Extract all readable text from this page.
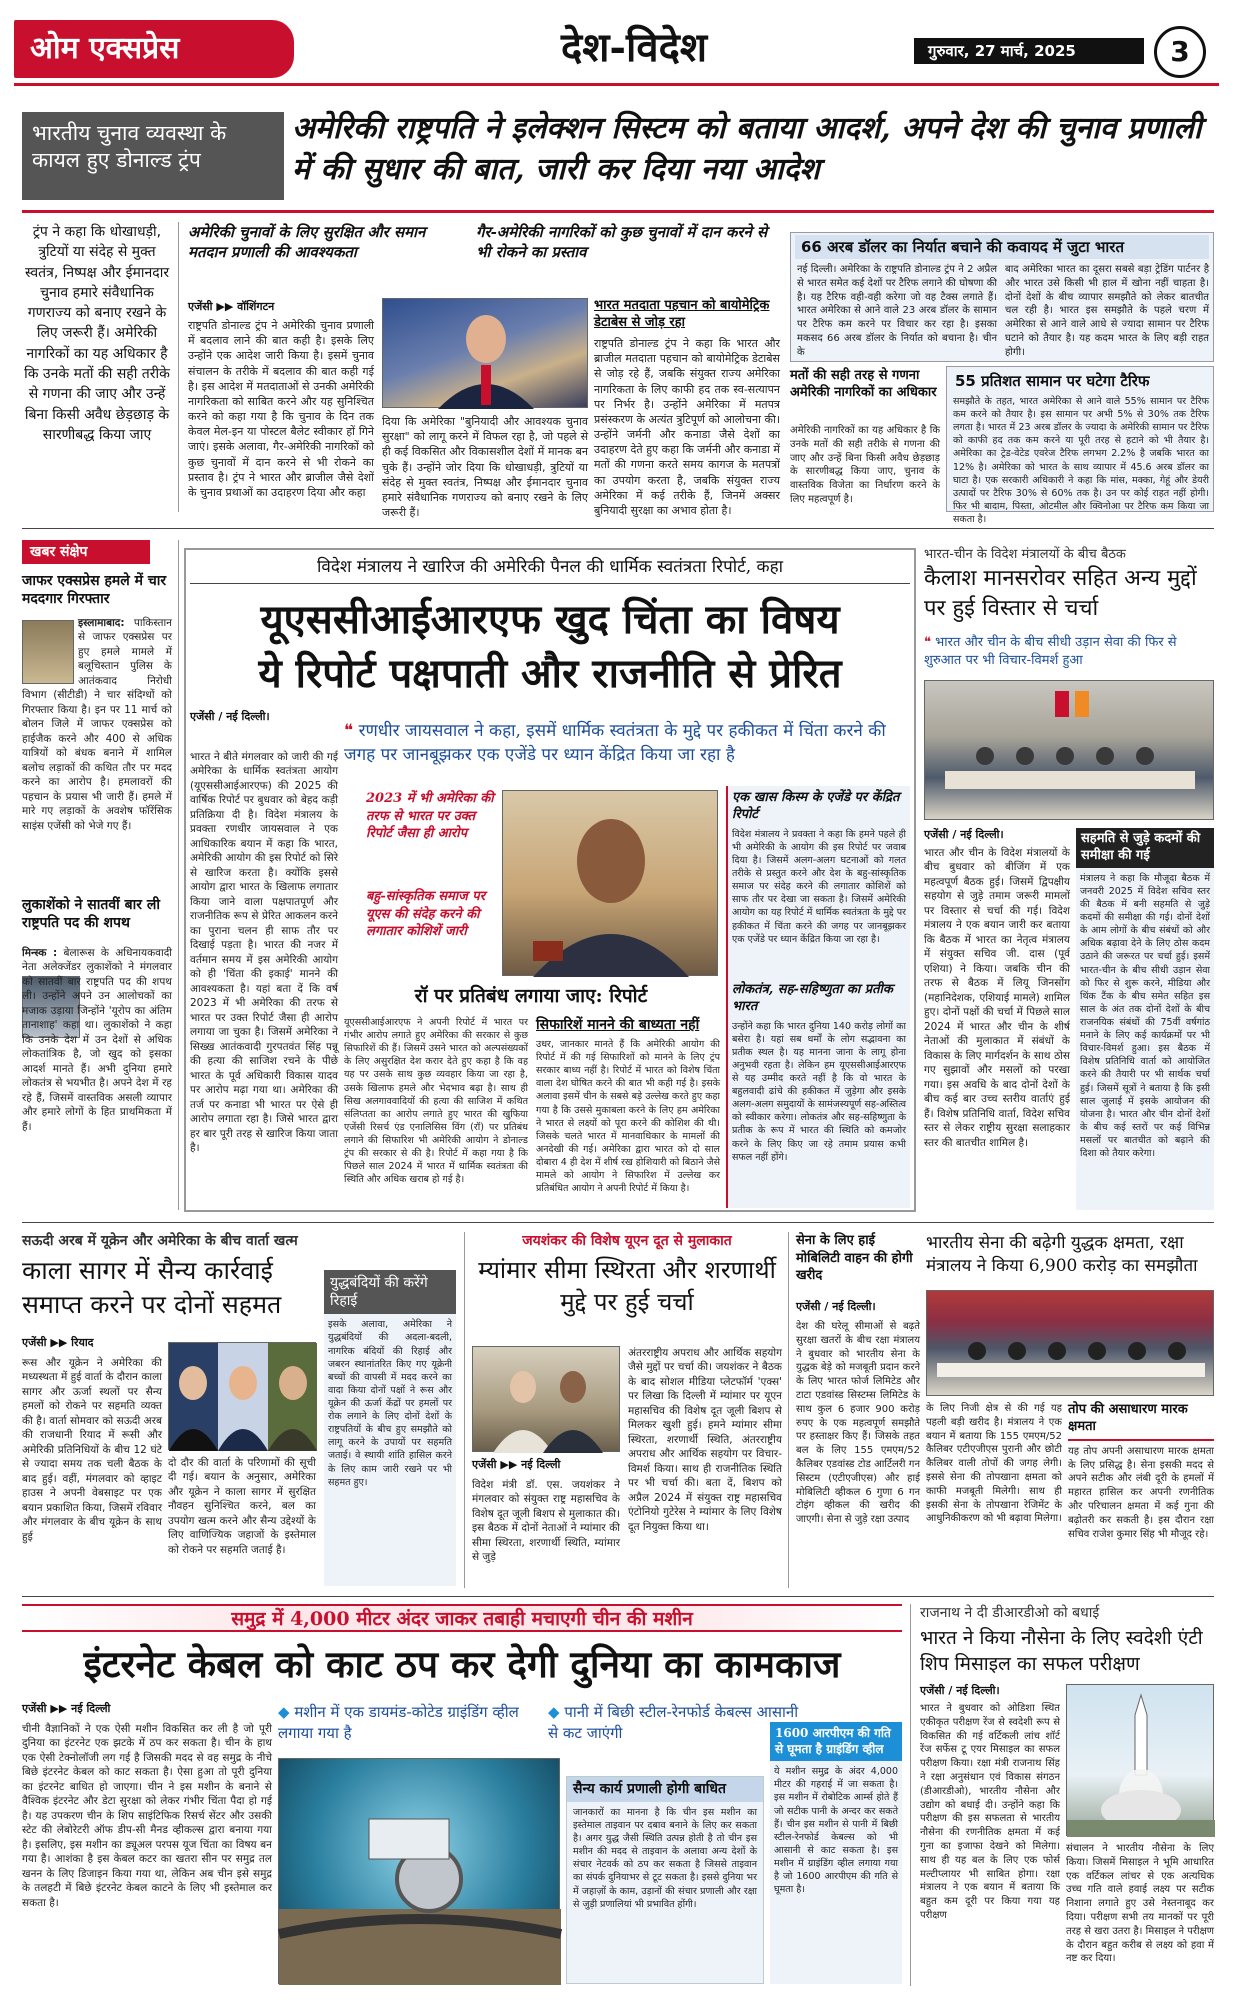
ओम एक्सप्रेस	देश-विदेश	गुरुवार, 27 मार्च, 2025	3
भारतीय चुनाव व्यवस्था के कायल हुए डोनाल्ड ट्रंप
अमेरिकी राष्ट्रपति ने इलेक्शन सिस्टम को बताया आदर्श, अपने देश की चुनाव प्रणाली में की सुधार की बात, जारी कर दिया नया आदेश
ट्रंप ने कहा कि धोखाधड़ी, त्रुटियों या संदेह से मुक्त स्वतंत्र, निष्पक्ष और ईमानदार चुनाव हमारे संवैधानिक गणराज्य को बनाए रखने के लिए जरूरी हैं। अमेरिकी नागरिकों का यह अधिकार है कि उनके मतों की सही तरीके से गणना की जाए और उन्हें बिना किसी अवैध छेड़छाड़ के सारणीबद्ध किया जाए
अमेरिकी चुनावों के लिए सुरक्षित और समान मतदान प्रणाली की आवश्यकता
गैर-अमेरिकी नागरिकों को कुछ चुनावों में दान करने से भी रोकने का प्रस्ताव
एजेंसी ▶▶ वॉशिंगटन
राष्ट्रपति डोनाल्ड ट्रंप ने अमेरिकी चुनाव प्रणाली में बदलाव लाने की बात कही है। इसके लिए उन्होंने एक आदेश जारी किया है। इसमें चुनाव संचालन के तरीके में बदलाव की बात कही गई है। इस आदेश में मतदाताओं से उनकी अमेरिकी नागरिकता को साबित करने और यह सुनिश्चित करने को कहा गया है कि चुनाव के दिन तक केवल मेल-इन या पोस्टल बैलेट स्वीकार हों गिने जाएं। इसके अलावा, गैर-अमेरिकी नागरिकों को कुछ चुनावों में दान करने से भी रोकने का प्रस्ताव है। ट्रंप ने भारत और ब्राजील जैसे देशों के चुनाव प्रथाओं का उदाहरण दिया और कहा
दिया कि अमेरिका "बुनियादी और आवश्यक चुनाव सुरक्षा" को लागू करने में विफल रहा है, जो पहले से ही कई विकसित और विकासशील देशों में मानक बन चुके हैं। उन्होंने जोर दिया कि धोखाधड़ी, त्रुटियों या संदेह से मुक्त स्वतंत्र, निष्पक्ष और ईमानदार चुनाव हमारे संवैधानिक गणराज्य को बनाए रखने के लिए जरूरी हैं।
भारत मतदाता पहचान को बायोमेट्रिक डेटाबेस से जोड़ रहा
राष्ट्रपति डोनाल्ड ट्रंप ने कहा कि भारत और ब्राजील मतदाता पहचान को बायोमेट्रिक डेटाबेस से जोड़ रहे हैं, जबकि संयुक्त राज्य अमेरिका नागरिकता के लिए काफी हद तक स्व-सत्यापन पर निर्भर है। उन्होंने अमेरिका में मतपत्र प्रसंस्करण के अत्यंत त्रुटिपूर्ण को आलोचना की। उन्होंने जर्मनी और कनाडा जैसे देशों का उदाहरण देते हुए कहा कि जर्मनी और कनाडा में मतों की गणना करते समय कागज के मतपत्रों का उपयोग करता है, जबकि संयुक्त राज्य अमेरिका में कई तरीके हैं, जिनमें अक्सर बुनियादी सुरक्षा का अभाव होता है।
66 अरब डॉलर का निर्यात बचाने की कवायद में जुटा भारत
नई दिल्ली। अमेरिका के राष्ट्रपति डोनाल्ड ट्रंप ने 2 अप्रैल से भारत समेत कई देशों पर टैरिफ लगाने की घोषणा की है। यह टैरिफ वही-वही करेगा जो वह टैक्स लगाते हैं। भारत अमेरिका से आने वाले 23 अरब डॉलर के सामान पर टैरिफ कम करने पर विचार कर रहा है। इसका मकसद 66 अरब डॉलर के निर्यात को बचाना है। चीन के
बाद अमेरिका भारत का दूसरा सबसे बड़ा ट्रेडिंग पार्टनर है और भारत उसे किसी भी हाल में खोना नहीं चाहता है। दोनों देशों के बीच व्यापार समझौते को लेकर बातचीत चल रही है। भारत इस समझौते के पहले चरण में अमेरिका से आने वाले आधे से ज्यादा सामान पर टैरिफ घटाने को तैयार है। यह कदम भारत के लिए बड़ी राहत होगी।
मतों की सही तरह से गणना अमेरिकी नागरिकों का अधिकार
अमेरिकी नागरिकों का यह अधिकार है कि उनके मतों की सही तरीके से गणना की जाए और उन्हें बिना किसी अवैध छेड़छाड़ के सारणीबद्ध किया जाए, चुनाव के वास्तविक विजेता का निर्धारण करने के लिए महत्वपूर्ण है।
55 प्रतिशत सामान पर घटेगा टैरिफ
समझौते के तहत, भारत अमेरिका से आने वाले 55% सामान पर टैरिफ कम करने को तैयार है। इस सामान पर अभी 5% से 30% तक टैरिफ लगता है। भारत में 23 अरब डॉलर के ज्यादा के अमेरिकी सामान पर टैरिफ को काफी हद तक कम करने या पूरी तरह से हटाने को भी तैयार है। अमेरिका का ट्रेड-वेटेड एवरेज टैरिफ लगभग 2.2% है जबकि भारत का 12% है। अमेरिका को भारत के साथ व्यापार में 45.6 अरब डॉलर का घाटा है। एक सरकारी अधिकारी ने कहा कि मांस, मक्का, गेहूं और डेयरी उत्पादों पर टैरिफ 30% से 60% तक है। उन पर कोई राहत नहीं होगी। फिर भी बादाम, पिस्ता, ओटमील और क्विनोआ पर टैरिफ कम किया जा सकता है।
खबर संक्षेप
जाफर एक्सप्रेस हमले में चार मददगार गिरफ्तार
इस्लामाबाद: पाकिस्तान से जाफर एक्सप्रेस पर हुए हमले मामले में बलूचिस्तान पुलिस के आतंकवाद निरोधी विभाग (सीटीडी) ने चार संदिग्धों को गिरफ्तार किया है। इन पर 11 मार्च को बोलन जिले में जाफर एक्सप्रेस को हाईजैक करने और 400 से अधिक यात्रियों को बंधक बनाने में शामिल बलोच लड़ाकों की कथित तौर पर मदद करने का आरोप है। हमलावरों की पहचान के प्रयास भी जारी हैं। हमले में मारे गए लड़ाकों के अवशेष फॉरेंसिक साइंस एजेंसी को भेजे गए हैं।
लुकाशेंको ने सातवीं बार ली राष्ट्रपति पद की शपथ
मिन्स्क : बेलारूस के अधिनायकवादी नेता अलेक्जेंडर लुकाशेंको ने मंगलवार को सातवीं बार राष्ट्रपति पद की शपथ ली। उन्होंने अपने उन आलोचकों का मजाक उड़ाया जिन्होंने 'यूरोप का अंतिम तानाशाह' कहा था। लुकाशेंको ने कहा कि उनके देश में उन देशों से अधिक लोकतांत्रिक है, जो खुद को इसका आदर्श मानते हैं। अभी दुनिया हमारे लोकतंत्र से भयभीत है। अपने देश में रह रहे हैं, जिसमें वास्तविक असली व्यापार और हमारे लोगों के हित प्राथमिकता में हैं।
विदेश मंत्रालय ने खारिज की अमेरिकी पैनल की धार्मिक स्वतंत्रता रिपोर्ट, कहा
यूएससीआईआरएफ खुद चिंता का विषय
ये रिपोर्ट पक्षपाती और राजनीति से प्रेरित
एजेंसी / नई दिल्ली।
भारत ने बीते मंगलवार को जारी की गई अमेरिका के धार्मिक स्वतंत्रता आयोग (यूएससीआईआरएफ) की 2025 की वार्षिक रिपोर्ट पर बुधवार को बेहद कड़ी प्रतिक्रिया दी है। विदेश मंत्रालय के प्रवक्ता रणधीर जायसवाल ने एक आधिकारिक बयान में कहा कि भारत, अमेरिकी आयोग की इस रिपोर्ट को सिरे से खारिज करता है। क्योंकि इससे आयोग द्वारा भारत के खिलाफ लगातार किया जाने वाला पक्षपातपूर्ण और राजनीतिक रूप से प्रेरित आकलन करने का पुराना चलन ही साफ तौर पर दिखाई पड़ता है। भारत की नजर में वर्तमान समय में इस अमेरिकी आयोग को ही 'चिंता की इकाई' मानने की आवश्यकता है। यहां बता दें कि वर्ष 2023 में भी अमेरिका की तरफ से भारत पर उक्त रिपोर्ट जैसा ही आरोप लगाया जा चुका है। जिसमें अमेरिका ने सिख्ख आतंकवादी गुरपतवंत सिंह पन्नू की हत्या की साजिश रचने के पीछे भारत के पूर्व अधिकारी विकास यादव पर आरोप मढ़ा गया था। अमेरिका की तर्ज पर कनाडा भी भारत पर ऐसे ही आरोप लगाता रहा है। जिसे भारत द्वारा हर बार पूरी तरह से खारिज किया जाता है।
❝ रणधीर जायसवाल ने कहा, इसमें धार्मिक स्वतंत्रता के मुद्दे पर हकीकत में चिंता करने की जगह पर जानबूझकर एक एजेंडे पर ध्यान केंद्रित किया जा रहा है
2023 में भी अमेरिका की तरफ से भारत पर उक्त रिपोर्ट जैसा ही आरोप
बहु-सांस्कृतिक समाज पर यूएस की संदेह करने की लगातार कोशिशें जारी
रॉ पर प्रतिबंध लगाया जाए: रिपोर्ट
यूएससीआईआरएफ ने अपनी रिपोर्ट में भारत पर गंभीर आरोप लगाते हुए अमेरिका की सरकार से कुछ सिफारिशें की हैं। जिसमें उसने भारत को अल्पसंख्यकों के लिए असुरक्षित देश करार देते हुए कहा है कि वह यह पर उसके साथ कुछ व्यवहार किया जा रहा है, उसके खिलाफ हमले और भेदभाव बढ़ा है। साथ ही सिख अलगाववादियों की हत्या की साजिश में कथित संलिप्तता का आरोप लगाते हुए भारत की खुफिया एजेंसी रिसर्च एंड एनालिसिस विंग (रॉ) पर प्रतिबंध लगाने की सिफारिश भी अमेरिकी आयोग ने डोनाल्ड ट्रंप की सरकार से की है। रिपोर्ट में कहा गया है कि पिछले साल 2024 में भारत में धार्मिक स्वतंत्रता की स्थिति और अधिक खराब हो गई है।
सिफारिशें मानने की बाध्यता नहीं
उधर, जानकार मानते हैं कि अमेरिकी आयोग की रिपोर्ट में की गई सिफारिशों को मानने के लिए ट्रंप सरकार बाध्य नहीं है। रिपोर्ट में भारत को विशेष चिंता वाला देश घोषित करने की बात भी कही गई है। इसके अलावा इसमें चीन के सबसे बड़े उल्लेख करते हुए कहा गया है कि उससे मुकाबला करने के लिए हम अमेरिका ने भारत से लक्ष्यों को पूरा करने की कोशिश की थी। जिसके चलते भारत में मानवाधिकार के मामलों की अनदेखी की गई। अमेरिका द्वारा भारत को दो साल दोबारा 4 ही देश में शीर्ष रख होशियारी को बिठाने जैसे मामले को आयोग ने सिफारिश में उल्लेख कर प्रतिबंधित आयोग ने अपनी रिपोर्ट में किया है।
एक खास किस्म के एजेंडे पर केंद्रित रिपोर्ट
विदेश मंत्रालय ने प्रवक्ता ने कहा कि हमने पहले ही भी अमेरिकी के आयोग की इस रिपोर्ट पर जवाब दिया है। जिसमें अलग-अलग घटनाओं को गलत तरीके से प्रस्तुत करने और देश के बहु-सांस्कृतिक समाज पर संदेह करने की लगातार कोशिशें को साफ तौर पर देखा जा सकता है। जिसमें अमेरिकी आयोग का यह रिपोर्ट में धार्मिक स्वतंत्रता के मुद्दे पर हकीकत में चिंता करने की जगह पर जानबूझकर एक एजेंडे पर ध्यान केंद्रित किया जा रहा है।
लोकतंत्र, सह-सहिष्णुता का प्रतीक भारत
उन्होंने कहा कि भारत दुनिया 140 करोड़ लोगों का बसेरा है। यहां सब धर्मों के लोग सद्भावना का प्रतीक स्थल है। यह मानना जाना के लागू होना अनुभवी रहता है। लेकिन हम यूएससीआईआरएफ से यह उम्मीद करते नहीं है कि वो भारत के बहुलवादी ढांचे की हकीकत में जुड़ेगा और इसके अलग-अलग समुदायों के सामंजस्यपूर्ण सह-अस्तित्व को स्वीकार करेगा। लोकतंत्र और सह-सहिष्णुता के प्रतीक के रूप में भारत की स्थिति को कमजोर करने के लिए किए जा रहे तमाम प्रयास कभी सफल नहीं होंगे।
भारत-चीन के विदेश मंत्रालयों के बीच बैठक
कैलाश मानसरोवर सहित अन्य मुद्दों पर हुई विस्तार से चर्चा
❝ भारत और चीन के बीच सीधी उड़ान सेवा की फिर से शुरुआत पर भी विचार-विमर्श हुआ
एजेंसी / नई दिल्ली।
भारत और चीन के विदेश मंत्रालयों के बीच बुधवार को बीजिंग में एक महत्वपूर्ण बैठक हुई। जिसमें द्विपक्षीय सहयोग से जुड़े तमाम जरूरी मामलों पर विस्तार से चर्चा की गई। विदेश मंत्रालय ने एक बयान जारी कर बताया कि बैठक में भारत का नेतृत्व मंत्रालय में संयुक्त सचिव जी. दास (पूर्व एशिया) ने किया। जबकि चीन की तरफ से बैठक में लियू जिनसोंग (महानिदेशक, एशियाई मामले) शामिल हुए। दोनों पक्षों की चर्चा में पिछले साल 2024 में भारत और चीन के शीर्ष नेताओं की मुलाकात में संबंधों के विकास के लिए मार्गदर्शन के साथ ठोस गए सुझावों और मसलों को परखा गया। इस अवधि के बाद दोनों देशों के बीच कई बार उच्च स्तरीय वार्ताएं हुई हैं। विशेष प्रतिनिधि वार्ता, विदेश सचिव स्तर से लेकर राष्ट्रीय सुरक्षा सलाहकार स्तर की बातचीत शामिल है।
सहमति से जुड़े कदमों की समीक्षा की गई
मंत्रालय ने कहा कि मौजूदा बैठक में जनवरी 2025 में विदेश सचिव स्तर की बैठक में बनी सहमति से जुड़े कदमों की समीक्षा की गई। दोनों देशों के आम लोगों के बीच संबंधों को और अधिक बढ़ावा देने के लिए ठोस कदम उठाने की जरूरत पर चर्चा हुई। इसमें भारत-चीन के बीच सीधी उड़ान सेवा को फिर से शुरू करने, मीडिया और थिंक टैंक के बीच समेत सहित इस साल के अंत तक दोनों देशों के बीच राजनयिक संबंधों की 75वीं वर्षगांठ मनाने के लिए कई कार्यक्रमों पर भी विचार-विमर्श हुआ। इस बैठक में विशेष प्रतिनिधि वार्ता को आयोजित करने की तैयारी पर भी सार्थक चर्चा हुई। जिसमें सूत्रों ने बताया है कि इसी साल जुलाई में इसके आयोजन की योजना है। भारत और चीन दोनों देशों के बीच कई स्तरों पर कई विभिन्न मसलों पर बातचीत को बढ़ाने की दिशा को तैयार करेगा।
सऊदी अरब में यूक्रेन और अमेरिका के बीच वार्ता खत्म
काला सागर में सैन्य कार्रवाई समाप्त करने पर दोनों सहमत
एजेंसी ▶▶ रियाद
रूस और यूक्रेन ने अमेरिका की मध्यस्थता में हुई वार्ता के दौरान काला सागर और ऊर्जा स्थलों पर सैन्य हमलों को रोकने पर सहमति व्यक्त की है। वार्ता सोमवार को सऊदी अरब की राजधानी रियाद में रूसी और अमेरिकी प्रतिनिधियों के बीच 12 घंटे से ज्यादा समय तक चली बैठक के बाद हुई। वहीं, मंगलवार को व्हाइट हाउस ने अपनी वेबसाइट पर एक बयान प्रकाशित किया, जिसमें रविवार और मंगलवार के बीच यूक्रेन के साथ हुई
दो दौर की वार्ता के परिणामों की सूची दी गई। बयान के अनुसार, अमेरिका और यूक्रेन ने काला सागर में सुरक्षित नौवहन सुनिश्चित करने, बल का उपयोग खत्म करने और सैन्य उद्देश्यों के लिए वाणिज्यिक जहाजों के इस्तेमाल को रोकने पर सहमति जताई है।
युद्धबंदियों की करेंगे रिहाई
इसके अलावा, अमेरिका ने युद्धबंदियों की अदला-बदली, नागरिक बंदियों की रिहाई और जबरन स्थानांतरित किए गए यूक्रेनी बच्चों की वापसी में मदद करने का वादा किया दोनों पक्षों ने रूस और यूक्रेन की ऊर्जा केंद्रों पर हमलों पर रोक लगाने के लिए दोनों देशों के राष्ट्रपतियों के बीच हुए समझौते को लागू करने के उपायों पर सहमति जताई। वे स्थायी शांति हासिल करने के लिए काम जारी रखने पर भी सहमत हुए।
जयशंकर की विशेष यूएन दूत से मुलाकात
म्यांमार सीमा स्थिरता और शरणार्थी मुद्दे पर हुई चर्चा
एजेंसी ▶▶ नई दिल्ली
विदेश मंत्री डॉ. एस. जयशंकर ने मंगलवार को संयुक्त राष्ट्र महासचिव के विशेष दूत जूली बिशप से मुलाकात की। इस बैठक में दोनों नेताओं ने म्यांमार की सीमा स्थिरता, शरणार्थी स्थिति, म्यांमार से जुड़े
अंतरराष्ट्रीय अपराध और आर्थिक सहयोग जैसे मुद्दों पर चर्चा की। जयशंकर ने बैठक के बाद सोशल मीडिया प्लेटफॉर्म 'एक्स' पर लिखा कि दिल्ली में म्यांमार पर यूएन महासचिव की विशेष दूत जूली बिशप से मिलकर खुशी हुई। हमने म्यांमार सीमा स्थिरता, शरणार्थी स्थिति, अंतरराष्ट्रीय अपराध और आर्थिक सहयोग पर विचार-विमर्श किया। साथ ही राजनीतिक स्थिति पर भी चर्चा की। बता दें, बिशप को अप्रैल 2024 में संयुक्त राष्ट्र महासचिव एंटोनियो गुटेरेस ने म्यांमार के लिए विशेष दूत नियुक्त किया था।
सेना के लिए हाई मोबिलिटी वाहन की होगी खरीद
एजेंसी / नई दिल्ली।
देश की घरेलू सीमाओं से बढ़ते सुरक्षा खतरों के बीच रक्षा मंत्रालय ने बुधवार को भारतीय सेना के युद्धक बेड़े को मजबूती प्रदान करने के लिए भारत फोर्ज लिमिटेड और टाटा एडवांस्ड सिस्टम्स लिमिटेड के साथ कुल 6 हजार 900 करोड़ रुपए के एक महत्वपूर्ण समझौते पर हस्ताक्षर किए हैं। जिसके तहत बल के लिए 155 एमएम/52 कैलिबर एडवांस्ड टोड आर्टिलरी गन सिस्टम (एटीएजीएस) और हाई मोबिलिटी व्हीकल 6 गुणा 6 गन टोइंग व्हीकल की खरीद की जाएगी। सेना से जुड़े रक्षा उत्पाद
भारतीय सेना की बढ़ेगी युद्धक क्षमता, रक्षा मंत्रालय ने किया 6,900 करोड़ का समझौता
के लिए निजी क्षेत्र से की गई यह पहली बड़ी खरीद है। मंत्रालय ने एक बयान में बताया कि 155 एमएम/52 कैलिबर एटीएजीएस पुरानी और छोटी कैलिबर वाली तोपों की जगह लेगी। इससे सेना की तोपखाना क्षमता को काफी मजबूती मिलेगी। साथ ही इसकी सेना के तोपखाना रेजिमेंट के आधुनिकीकरण को भी बढ़ावा मिलेगा।
तोप की असाधारण मारक क्षमता
यह तोप अपनी असाधारण मारक क्षमता के लिए प्रसिद्ध है। सेना इसकी मदद से अपने सटीक और लंबी दूरी के हमलों में महारत हासिल कर अपनी रणनीतिक और परिचालन क्षमता में कई गुना की बढ़ोतरी कर सकती है। इस दौरान रक्षा सचिव राजेश कुमार सिंह भी मौजूद रहे।
समुद्र में 4,000 मीटर अंदर जाकर तबाही मचाएगी चीन की मशीन
इंटरनेट केबल को काट ठप कर देगी दुनिया का कामकाज
एजेंसी ▶▶ नई दिल्ली	◆ मशीन में एक डायमंड-कोटेड ग्राइंडिंग व्हील लगाया गया है
◆ पानी में बिछी स्टील-रेनफोर्ड केबल्स आसानी से कट जाएंगी
चीनी वैज्ञानिकों ने एक ऐसी मशीन विकसित कर ली है जो पूरी दुनिया का इंटरनेट एक झटके में ठप कर सकता है। चीन के हाथ एक ऐसी टेक्नोलॉजी लग गई है जिसकी मदद से वह समुद्र के नीचे बिछे इंटरनेट केबल को काट सकता है। ऐसा हुआ तो पूरी दुनिया का इंटरनेट बाधित हो जाएगा। चीन ने इस मशीन के बनाने से वैश्विक इंटरनेट और डेटा सुरक्षा को लेकर गंभीर चिंता पैदा हो गई है। यह उपकरण चीन के शिप साइंटिफिक रिसर्च सेंटर और उसकी स्टेट की लेबोरेटरी ऑफ डीप-सी मैनड व्हीकल्स द्वारा बनाया गया है। इसलिए, इस मशीन का ड्यूअल परपस यूज चिंता का विषय बन गया है। आशंका है इस केबल कटर का खतरा सीन पर समुद्र तल खनन के लिए डिजाइन किया गया था, लेकिन अब चीन इसे समुद्र के तलहटी में बिछे इंटरनेट केबल काटने के लिए भी इस्तेमाल कर सकता है।
सैन्य कार्य प्रणाली होगी बाधित
जानकारों का मानना है कि चीन इस मशीन का इस्तेमाल ताइवान पर दबाव बनाने के लिए कर सकता है। अगर युद्ध जैसी स्थिति उत्पन्न होती है तो चीन इस मशीन की मदद से ताइवान के अलावा अन्य देशों के संचार नेटवर्क को ठप कर सकता है जिससे ताइवान का संपर्क दुनियाभर से टूट सकता है। इससे दुनिया भर में जहाज़ों के काम, उड़ानों की संचार प्रणाली और रक्षा से जुड़ी प्रणालियां भी प्रभावित होंगी।
1600 आरपीएम की गति से घूमता है ग्राइंडिंग व्हील
ये मशीन समुद्र के अंदर 4,000 मीटर की गहराई में जा सकता है। इस मशीन में रोबोटिक आर्म्स होते हैं जो सटीक पानी के अन्दर कर सकते हैं। चीन इस मशीन से पानी में बिछी स्टील-रेनफोर्ड केबल्स को भी आसानी से काट सकता है। इस मशीन में ग्राइंडिंग व्हील लगाया गया है जो 1600 आरपीएम की गति से घूमता है।
राजनाथ ने दी डीआरडीओ को बधाई
भारत ने किया नौसेना के लिए स्वदेशी एंटी शिप मिसाइल का सफल परीक्षण
एजेंसी / नई दिल्ली।
भारत ने बुधवार को ओडिशा स्थित एकीकृत परीक्षण रेंज से स्वदेशी रूप से विकसित की गई वर्टिकली लांच शॉर्ट रेंज सर्फेस टू एयर मिसाइल का सफल परीक्षण किया। रक्षा मंत्री राजनाथ सिंह ने रक्षा अनुसंधान एवं विकास संगठन (डीआरडीओ), भारतीय नौसेना और उद्योग को बधाई दी। उन्होंने कहा कि परीक्षण की इस सफलता से भारतीय नौसेना की रणनीतिक क्षमता में कई गुना का इजाफा देखने को मिलेगा। साथ ही यह बल के लिए एक फोर्स मल्टीप्लायर भी साबित होगा। रक्षा मंत्रालय ने एक बयान में बताया कि बहुत कम दूरी पर किया गया यह परीक्षण
संचालन ने भारतीय नौसेना के लिए किया। जिसमें मिसाइल ने भूमि आधारित एक वर्टिकल लांचर से एक अत्यधिक उच्च गति वाले हवाई लक्ष्य पर सटीक निशाना लगाते हुए उसे नेस्तनाबूद कर दिया। परीक्षण सभी तय मानकों पर पूरी तरह से खरा उतरा है। मिसाइल ने परीक्षण के दौरान बहुत करीब से लक्ष्य को हवा में नष्ट कर दिया।
